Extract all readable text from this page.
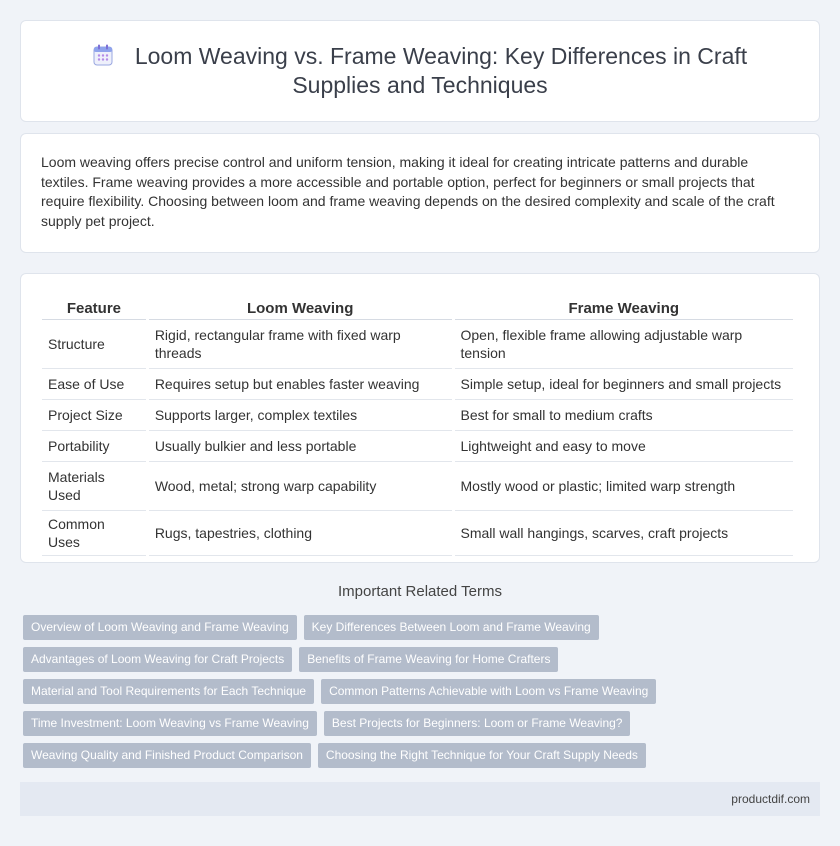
Loom Weaving vs. Frame Weaving: Key Differences in Craft Supplies and Techniques

Loom weaving offers precise control and uniform tension, making it ideal for creating intricate patterns and durable textiles. Frame weaving provides a more accessible and portable option, perfect for beginners or small projects that require flexibility. Choosing between loom and frame weaving depends on the desired complexity and scale of the craft supply pet project.

Feature	Loom Weaving	Frame Weaving
Structure	Rigid, rectangular frame with fixed warp threads	Open, flexible frame allowing adjustable warp tension
Ease of Use	Requires setup but enables faster weaving	Simple setup, ideal for beginners and small projects
Project Size	Supports larger, complex textiles	Best for small to medium crafts
Portability	Usually bulkier and less portable	Lightweight and easy to move
Materials Used	Wood, metal; strong warp capability	Mostly wood or plastic; limited warp strength
Common Uses	Rugs, tapestries, clothing	Small wall hangings, scarves, craft projects
Important Related Terms
Overview of Loom Weaving and Frame Weaving	Key Differences Between Loom and Frame Weaving
Advantages of Loom Weaving for Craft Projects	Benefits of Frame Weaving for Home Crafters
Material and Tool Requirements for Each Technique	Common Patterns Achievable with Loom vs Frame Weaving
Time Investment: Loom Weaving vs Frame Weaving	Best Projects for Beginners: Loom or Frame Weaving?
Weaving Quality and Finished Product Comparison	Choosing the Right Technique for Your Craft Supply Needs
productdif.com
